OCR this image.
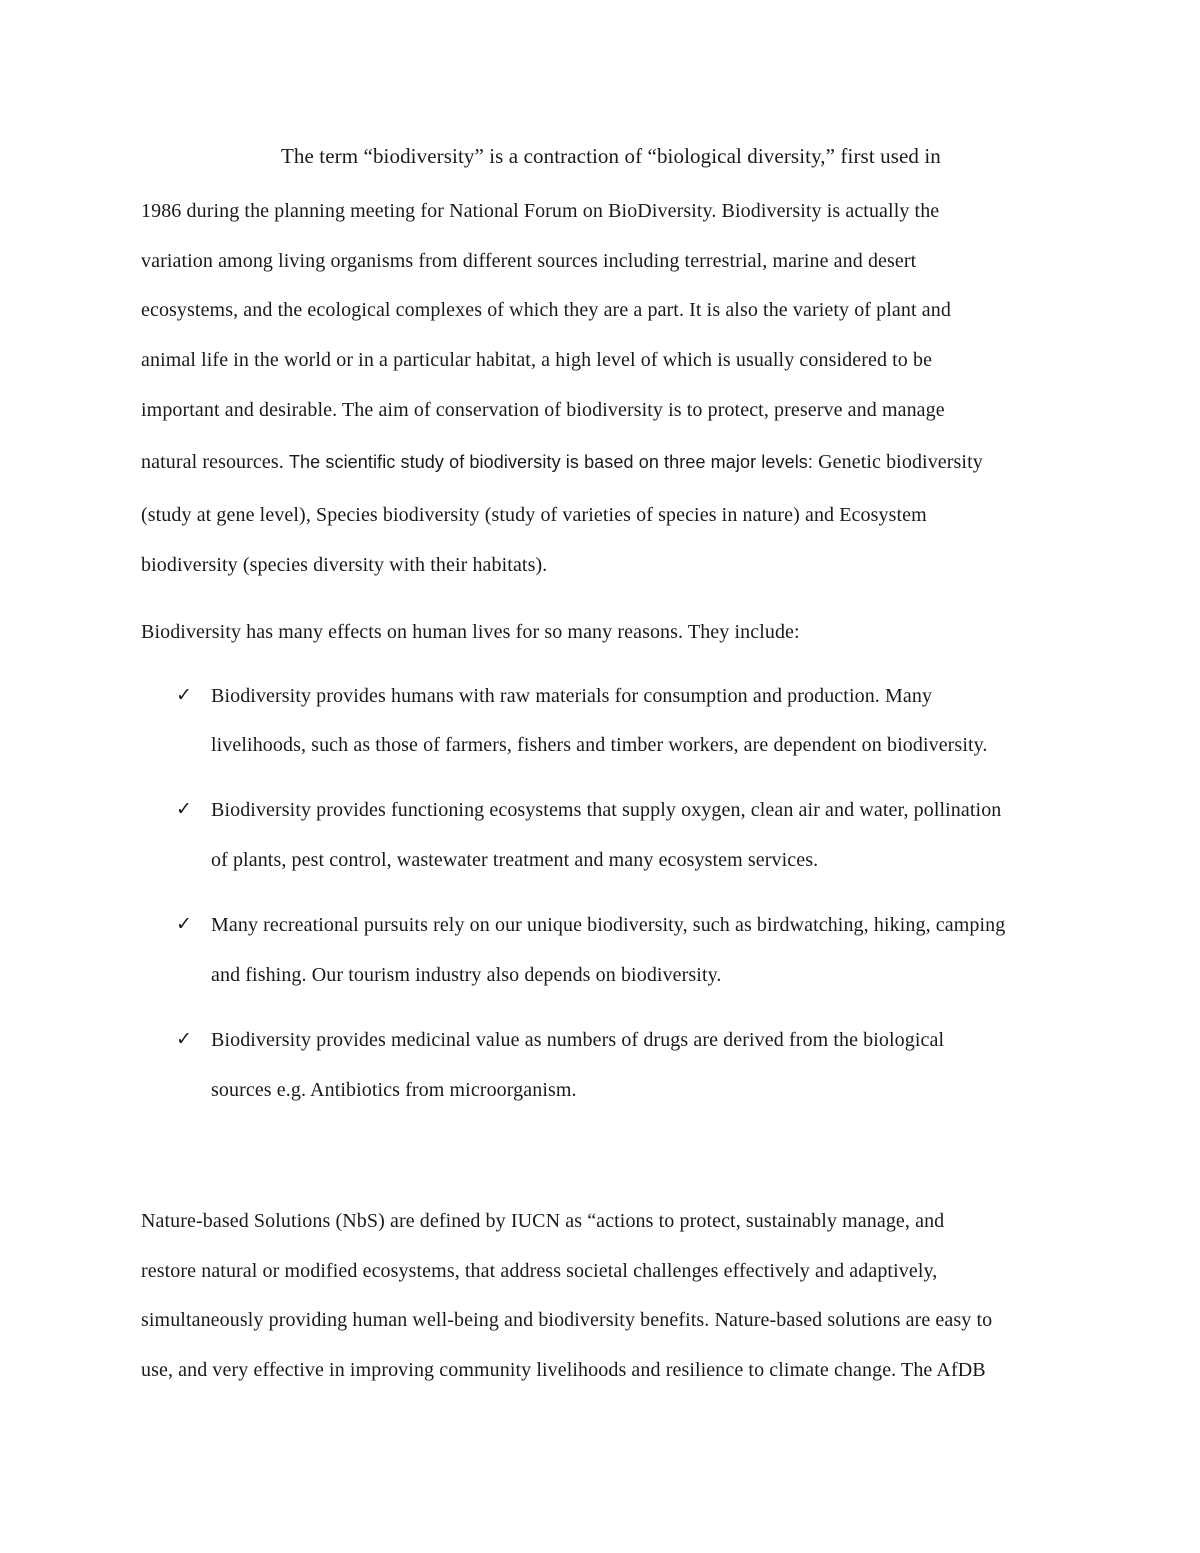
The term “biodiversity” is a contraction of “biological diversity,” first used in
1986 during the planning meeting for National Forum on BioDiversity. Biodiversity is actually the
variation among living organisms from different sources including terrestrial, marine and desert
ecosystems, and the ecological complexes of which they are a part. It is also the variety of plant and
animal life in the world or in a particular habitat, a high level of which is usually considered to be
important and desirable. The aim of conservation of biodiversity is to protect, preserve and manage
natural resources. The scientific study of biodiversity is based on three major levels: Genetic biodiversity
(study at gene level), Species biodiversity (study of varieties of species in nature) and Ecosystem
biodiversity (species diversity with their habitats).
Biodiversity has many effects on human lives for so many reasons. They include:
✓ Biodiversity provides humans with raw materials for consumption and production. Many
livelihoods, such as those of farmers, fishers and timber workers, are dependent on biodiversity.
✓ Biodiversity provides functioning ecosystems that supply oxygen, clean air and water, pollination
of plants, pest control, wastewater treatment and many ecosystem services.
✓ Many recreational pursuits rely on our unique biodiversity, such as birdwatching, hiking, camping
and fishing. Our tourism industry also depends on biodiversity.
✓ Biodiversity provides medicinal value as numbers of drugs are derived from the biological
sources e.g. Antibiotics from microorganism.
Nature-based Solutions (NbS) are defined by IUCN as “actions to protect, sustainably manage, and
restore natural or modified ecosystems, that address societal challenges effectively and adaptively,
simultaneously providing human well-being and biodiversity benefits. Nature-based solutions are easy to
use, and very effective in improving community livelihoods and resilience to climate change. The AfDB
